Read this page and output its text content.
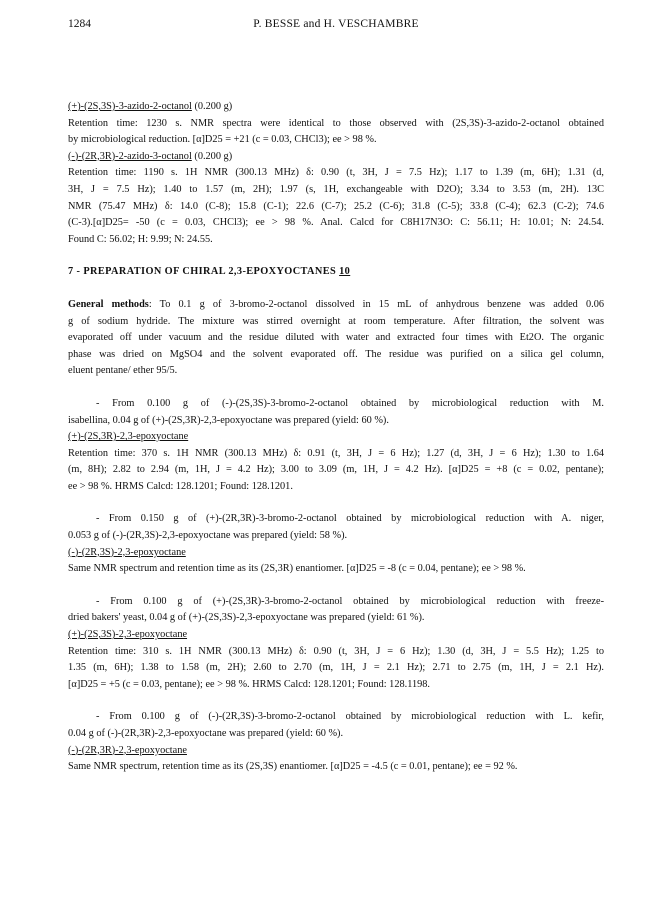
1284	P. BESSE and H. VESCHAMBRE
(+)-(2S,3S)-3-azido-2-octanol (0.200 g)
Retention time: 1230 s. NMR spectra were identical to those observed with (2S,3S)-3-azido-2-octanol obtained
by microbiological reduction. [α]D25 = +21 (c = 0.03, CHCl3); ee > 98 %.
(-)-(2R,3R)-2-azido-3-octanol (0.200 g)
Retention time: 1190 s. 1H NMR (300.13 MHz) δ: 0.90 (t, 3H, J = 7.5 Hz); 1.17 to 1.39 (m, 6H); 1.31 (d,
3H, J = 7.5 Hz); 1.40 to 1.57 (m, 2H); 1.97 (s, 1H, exchangeable with D2O); 3.34 to 3.53 (m, 2H). 13C
NMR (75.47 MHz) δ: 14.0 (C-8); 15.8 (C-1); 22.6 (C-7); 25.2 (C-6); 31.8 (C-5); 33.8 (C-4); 62.3 (C-2); 74.6
(C-3).[α]D25= -50 (c = 0.03, CHCl3); ee > 98 %. Anal. Calcd for C8H17N3O: C: 56.11; H: 10.01; N: 24.54.
Found C: 56.02; H: 9.99; N: 24.55.
7 - PREPARATION OF CHIRAL 2,3-EPOXYOCTANES 10
General methods: To 0.1 g of 3-bromo-2-octanol dissolved in 15 mL of anhydrous benzene was added 0.06
g of sodium hydride. The mixture was stirred overnight at room temperature. After filtration, the solvent was
evaporated off under vacuum and the residue diluted with water and extracted four times with Et2O. The organic
phase was dried on MgSO4 and the solvent evaporated off. The residue was purified on a silica gel column,
eluent pentane/ ether 95/5.
- From 0.100 g of (-)-(2S,3S)-3-bromo-2-octanol obtained by microbiological reduction with M.
isabellina, 0.04 g of (+)-(2S,3R)-2,3-epoxyoctane was prepared (yield: 60 %).
(+)-(2S,3R)-2,3-epoxyoctane
Retention time: 370 s. 1H NMR (300.13 MHz) δ: 0.91 (t, 3H, J = 6 Hz); 1.27 (d, 3H, J = 6 Hz); 1.30 to 1.64
(m, 8H); 2.82 to 2.94 (m, 1H, J = 4.2 Hz); 3.00 to 3.09 (m, 1H, J = 4.2 Hz). [α]D25 = +8 (c = 0.02, pentane);
ee > 98 %. HRMS Calcd: 128.1201; Found: 128.1201.
- From 0.150 g of (+)-(2R,3R)-3-bromo-2-octanol obtained by microbiological reduction with A. niger,
0.053 g of (-)-(2R,3S)-2,3-epoxyoctane was prepared (yield: 58 %).
(-)-(2R,3S)-2,3-epoxyoctane
Same NMR spectrum and retention time as its (2S,3R) enantiomer. [α]D25 = -8 (c = 0.04, pentane); ee > 98 %.
- From 0.100 g of (+)-(2S,3R)-3-bromo-2-octanol obtained by microbiological reduction with freeze-
dried bakers' yeast, 0.04 g of (+)-(2S,3S)-2,3-epoxyoctane was prepared (yield: 61 %).
(+)-(2S,3S)-2,3-epoxyoctane
Retention time: 310 s. 1H NMR (300.13 MHz) δ: 0.90 (t, 3H, J = 6 Hz); 1.30 (d, 3H, J = 5.5 Hz); 1.25 to
1.35 (m, 6H); 1.38 to 1.58 (m, 2H); 2.60 to 2.70 (m, 1H, J = 2.1 Hz); 2.71 to 2.75 (m, 1H, J = 2.1 Hz).
[α]D25 = +5 (c = 0.03, pentane); ee > 98 %. HRMS Calcd: 128.1201; Found: 128.1198.
- From 0.100 g of (-)-(2R,3S)-3-bromo-2-octanol obtained by microbiological reduction with L. kefir,
0.04 g of (-)-(2R,3R)-2,3-epoxyoctane was prepared (yield: 60 %).
(-)-(2R,3R)-2,3-epoxyoctane
Same NMR spectrum, retention time as its (2S,3S) enantiomer. [α]D25 = -4.5 (c = 0.01, pentane); ee = 92 %.
